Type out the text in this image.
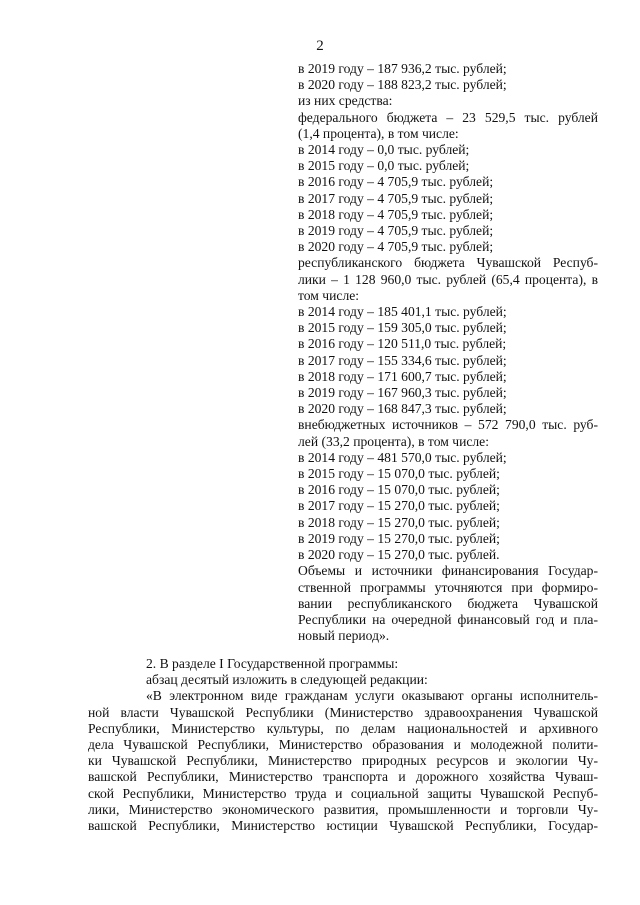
2
в 2019 году – 187 936,2 тыс. рублей;
в 2020 году – 188 823,2 тыс. рублей;
из них средства:
федерального бюджета – 23 529,5 тыс. рублей
(1,4 процента), в том числе:
в 2014 году – 0,0 тыс. рублей;
в 2015 году – 0,0 тыс. рублей;
в 2016 году – 4 705,9 тыс. рублей;
в 2017 году – 4 705,9 тыс. рублей;
в 2018 году – 4 705,9 тыс. рублей;
в 2019 году – 4 705,9 тыс. рублей;
в 2020 году – 4 705,9 тыс. рублей;
республиканского бюджета Чувашской Респуб-
лики – 1 128 960,0 тыс. рублей (65,4 процента), в
том числе:
в 2014 году – 185 401,1 тыс. рублей;
в 2015 году – 159 305,0 тыс. рублей;
в 2016 году – 120 511,0 тыс. рублей;
в 2017 году – 155 334,6 тыс. рублей;
в 2018 году – 171 600,7 тыс. рублей;
в 2019 году – 167 960,3 тыс. рублей;
в 2020 году – 168 847,3 тыс. рублей;
внебюджетных источников – 572 790,0 тыс. руб-
лей (33,2 процента), в том числе:
в 2014 году – 481 570,0 тыс. рублей;
в 2015 году – 15 070,0 тыс. рублей;
в 2016 году – 15 070,0 тыс. рублей;
в 2017 году – 15 270,0 тыс. рублей;
в 2018 году – 15 270,0 тыс. рублей;
в 2019 году – 15 270,0 тыс. рублей;
в 2020 году – 15 270,0 тыс. рублей.
Объемы и источники финансирования Государ-
ственной программы уточняются при формиро-
вании республиканского бюджета Чувашской
Республики на очередной финансовый год и пла-
новый период».
2. В разделе I Государственной программы:
абзац десятый изложить в следующей редакции:
«В электронном виде гражданам услуги оказывают органы исполнитель-
ной власти Чувашской Республики (Министерство здравоохранения Чувашской
Республики, Министерство культуры, по делам национальностей и архивного
дела Чувашской Республики, Министерство образования и молодежной полити-
ки Чувашской Республики, Министерство природных ресурсов и экологии Чу-
вашской Республики, Министерство транспорта и дорожного хозяйства Чуваш-
ской Республики, Министерство труда и социальной защиты Чувашской Респуб-
лики, Министерство экономического развития, промышленности и торговли Чу-
вашской Республики, Министерство юстиции Чувашской Республики, Государ-
